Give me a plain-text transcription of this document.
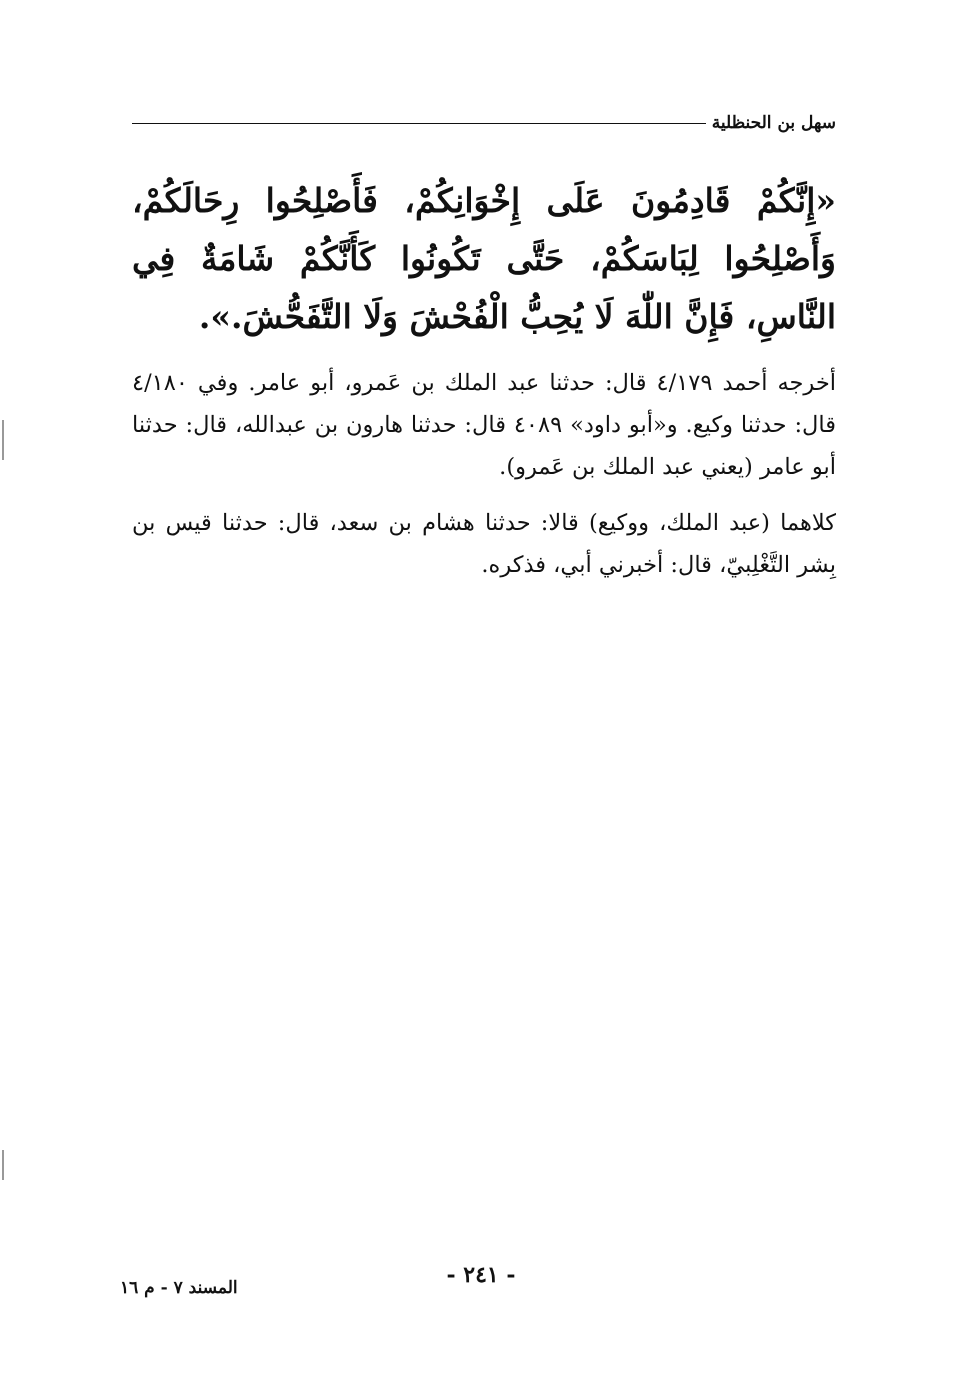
سهل بن الحنظلية
«إِنَّكُمْ قَادِمُونَ عَلَى إِخْوَانِكُمْ، فَأَصْلِحُوا رِحَالَكُمْ، وَأَصْلِحُوا لِبَاسَكُمْ، حَتَّى تَكُونُوا كَأَنَّكُمْ شَامَةٌ فِي النَّاسِ، فَإِنَّ اللّٰهَ لَا يُحِبُّ الْفُحْشَ وَلَا التَّفَحُّشَ.».
أخرجه أحمد ٤/١٧٩ قال: حدثنا عبد الملك بن عَمرو، أبو عامر. وفي ٤/١٨٠ قال: حدثنا وكيع. و«أبو داود» ٤٠٨٩ قال: حدثنا هارون بن عبدالله، قال: حدثنا أبو عامر (يعني عبد الملك بن عَمرو).
كلاهما (عبد الملك، ووكيع) قالا: حدثنا هشام بن سعد، قال: حدثنا قيس بن بِشر التَّغْلِبيّ، قال: أخبرني أبي، فذكره.
- ٢٤١ -
المسند ٧ - م ١٦
